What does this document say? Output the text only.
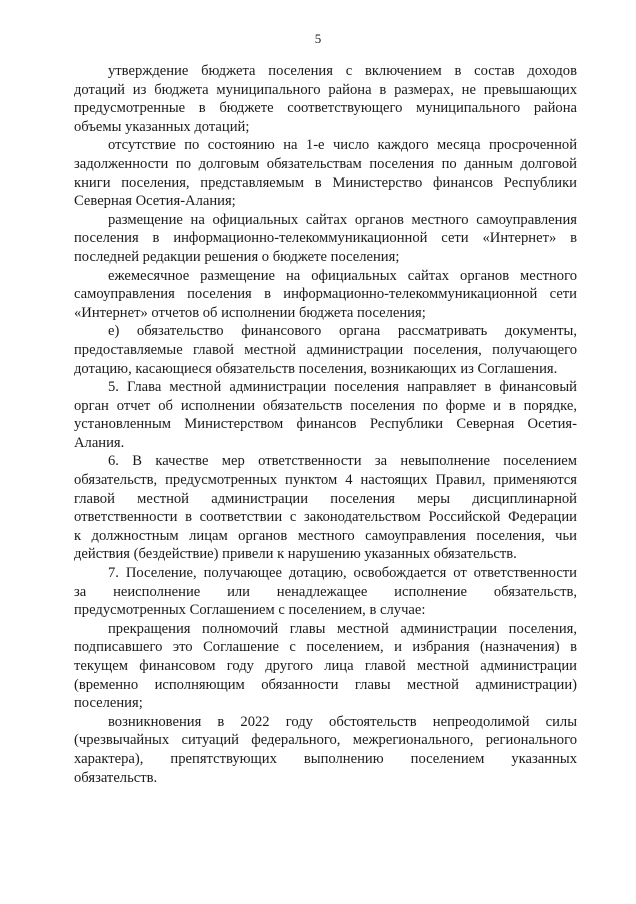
5
утверждение бюджета поселения с включением в состав доходов
дотаций из бюджета муниципального района в размерах, не превышающих
предусмотренные в бюджете соответствующего муниципального района
объемы указанных дотаций;
отсутствие по состоянию на 1-е число каждого месяца просроченной
задолженности по долговым обязательствам поселения по данным долговой
книги поселения, представляемым в Министерство финансов Республики
Северная Осетия-Алания;
размещение на официальных сайтах органов местного самоуправления
поселения в информационно-телекоммуникационной сети «Интернет» в
последней редакции решения о бюджете поселения;
ежемесячное размещение на официальных сайтах органов местного
самоуправления поселения в информационно-телекоммуникационной сети
«Интернет» отчетов об исполнении бюджета поселения;
е) обязательство финансового органа рассматривать документы,
предоставляемые главой местной администрации поселения, получающего
дотацию, касающиеся обязательств поселения, возникающих из Соглашения.
5. Глава местной администрации поселения направляет в финансовый
орган отчет об исполнении обязательств поселения по форме и в порядке,
установленным Министерством финансов Республики Северная Осетия-
Алания.
6. В качестве мер ответственности за невыполнение поселением
обязательств, предусмотренных пунктом 4 настоящих Правил, применяются
главой местной администрации поселения меры дисциплинарной
ответственности в соответствии с законодательством Российской Федерации
к должностным лицам органов местного самоуправления поселения, чьи
действия (бездействие) привели к нарушению указанных обязательств.
7. Поселение, получающее дотацию, освобождается от ответственности
за неисполнение или ненадлежащее исполнение обязательств,
предусмотренных Соглашением с поселением, в случае:
прекращения полномочий главы местной администрации поселения,
подписавшего это Соглашение с поселением, и избрания (назначения) в
текущем финансовом году другого лица главой местной администрации
(временно исполняющим обязанности главы местной администрации)
поселения;
возникновения в 2022 году обстоятельств непреодолимой силы
(чрезвычайных ситуаций федерального, межрегионального, регионального
характера), препятствующих выполнению поселением указанных
обязательств.
